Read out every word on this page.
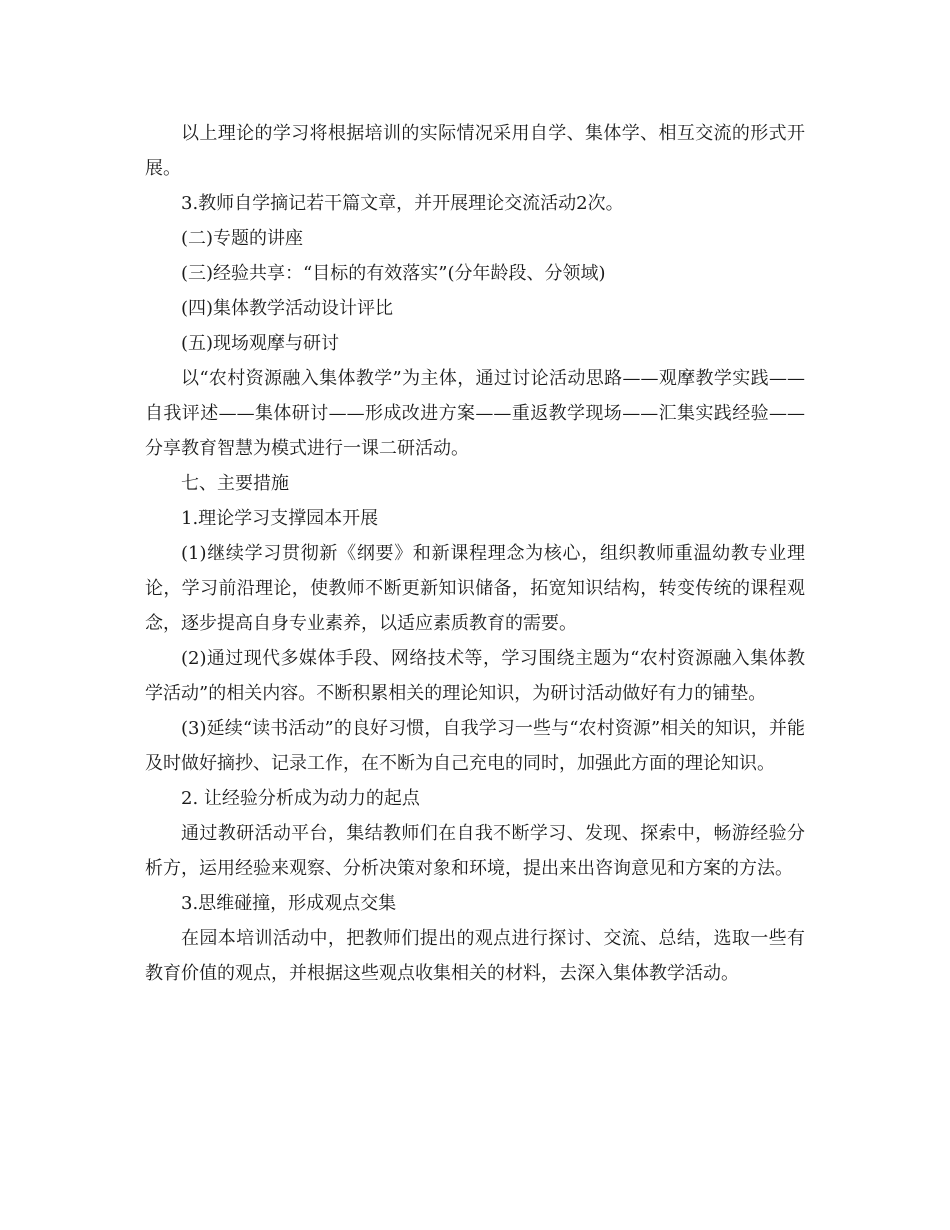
以上理论的学习将根据培训的实际情况采用自学、集体学、相互交流的形式开展。

3.教师自学摘记若干篇文章，并开展理论交流活动2次。

(二)专题的讲座

(三)经验共享：“目标的有效落实”(分年龄段、分领域)

(四)集体教学活动设计评比

(五)现场观摩与研讨

以“农村资源融入集体教学”为主体，通过讨论活动思路——观摩教学实践——自我评述——集体研讨——形成改进方案——重返教学现场——汇集实践经验——分享教育智慧为模式进行一课二研活动。

七、主要措施

1.理论学习支撑园本开展

(1)继续学习贯彻新《纲要》和新课程理念为核心，组织教师重温幼教专业理论，学习前沿理论，使教师不断更新知识储备，拓宽知识结构，转变传统的课程观念，逐步提高自身专业素养，以适应素质教育的需要。

(2)通过现代多媒体手段、网络技术等，学习围绕主题为“农村资源融入集体教学活动”的相关内容。不断积累相关的理论知识，为研讨活动做好有力的铺垫。

(3)延续“读书活动”的良好习惯，自我学习一些与“农村资源”相关的知识，并能及时做好摘抄、记录工作，在不断为自己充电的同时，加强此方面的理论知识。

2. 让经验分析成为动力的起点

通过教研活动平台，集结教师们在自我不断学习、发现、探索中，畅游经验分析方，运用经验来观察、分析决策对象和环境，提出来出咨询意见和方案的方法。

3.思维碰撞，形成观点交集

在园本培训活动中，把教师们提出的观点进行探讨、交流、总结，选取一些有教育价值的观点，并根据这些观点收集相关的材料，去深入集体教学活动。
